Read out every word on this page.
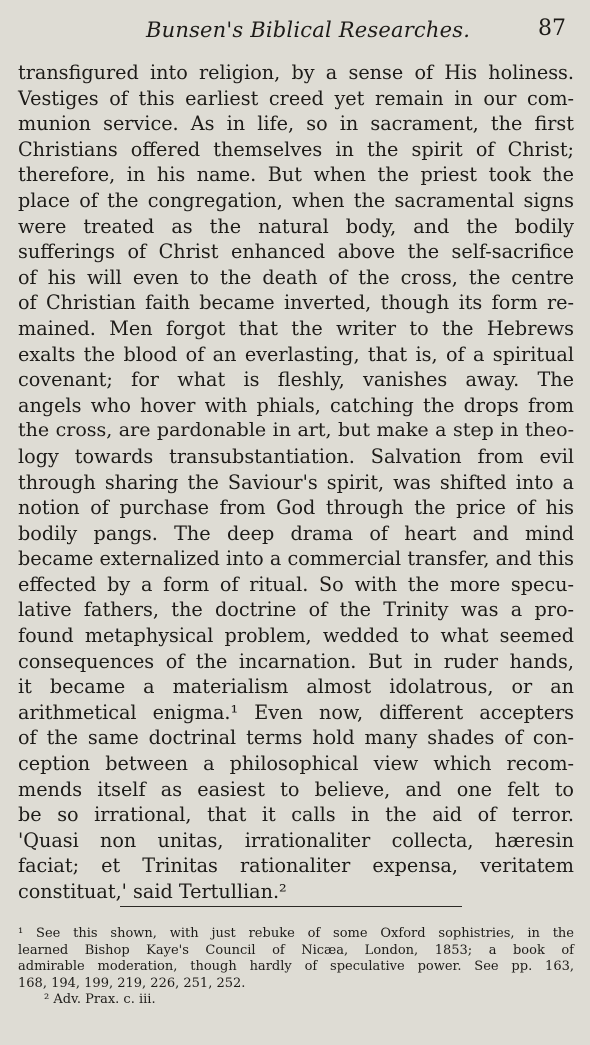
Bunsen's Biblical Researches.	87
transfigured into religion, by a sense of His holiness.
Vestiges of this earliest creed yet remain in our com-
munion service. As in life, so in sacrament, the first
Christians offered themselves in the spirit of Christ;
therefore, in his name. But when the priest took the
place of the congregation, when the sacramental signs
were treated as the natural body, and the bodily
sufferings of Christ enhanced above the self-sacrifice
of his will even to the death of the cross, the centre
of Christian faith became inverted, though its form re-
mained. Men forgot that the writer to the Hebrews
exalts the blood of an everlasting, that is, of a spiritual
covenant; for what is fleshly, vanishes away. The
angels who hover with phials, catching the drops from
the cross, are pardonable in art, but make a step in theo-
logy towards transubstantiation. Salvation from evil
through sharing the Saviour's spirit, was shifted into a
notion of purchase from God through the price of his
bodily pangs. The deep drama of heart and mind
became externalized into a commercial transfer, and this
effected by a form of ritual. So with the more specu-
lative fathers, the doctrine of the Trinity was a pro-
found metaphysical problem, wedded to what seemed
consequences of the incarnation. But in ruder hands,
it became a materialism almost idolatrous, or an
arithmetical enigma.¹ Even now, different accepters
of the same doctrinal terms hold many shades of con-
ception between a philosophical view which recom-
mends itself as easiest to believe, and one felt to
be so irrational, that it calls in the aid of terror.
'Quasi non unitas, irrationaliter collecta, hæresin
faciat; et Trinitas rationaliter expensa, veritatem
constituat,' said Tertullian.²
¹ See this shown, with just rebuke of some Oxford sophistries, in the
learned Bishop Kaye's Council of Nicæa, London, 1853; a book of
admirable moderation, though hardly of speculative power. See pp. 163,
168, 194, 199, 219, 226, 251, 252.
² Adv. Prax. c. iii.
